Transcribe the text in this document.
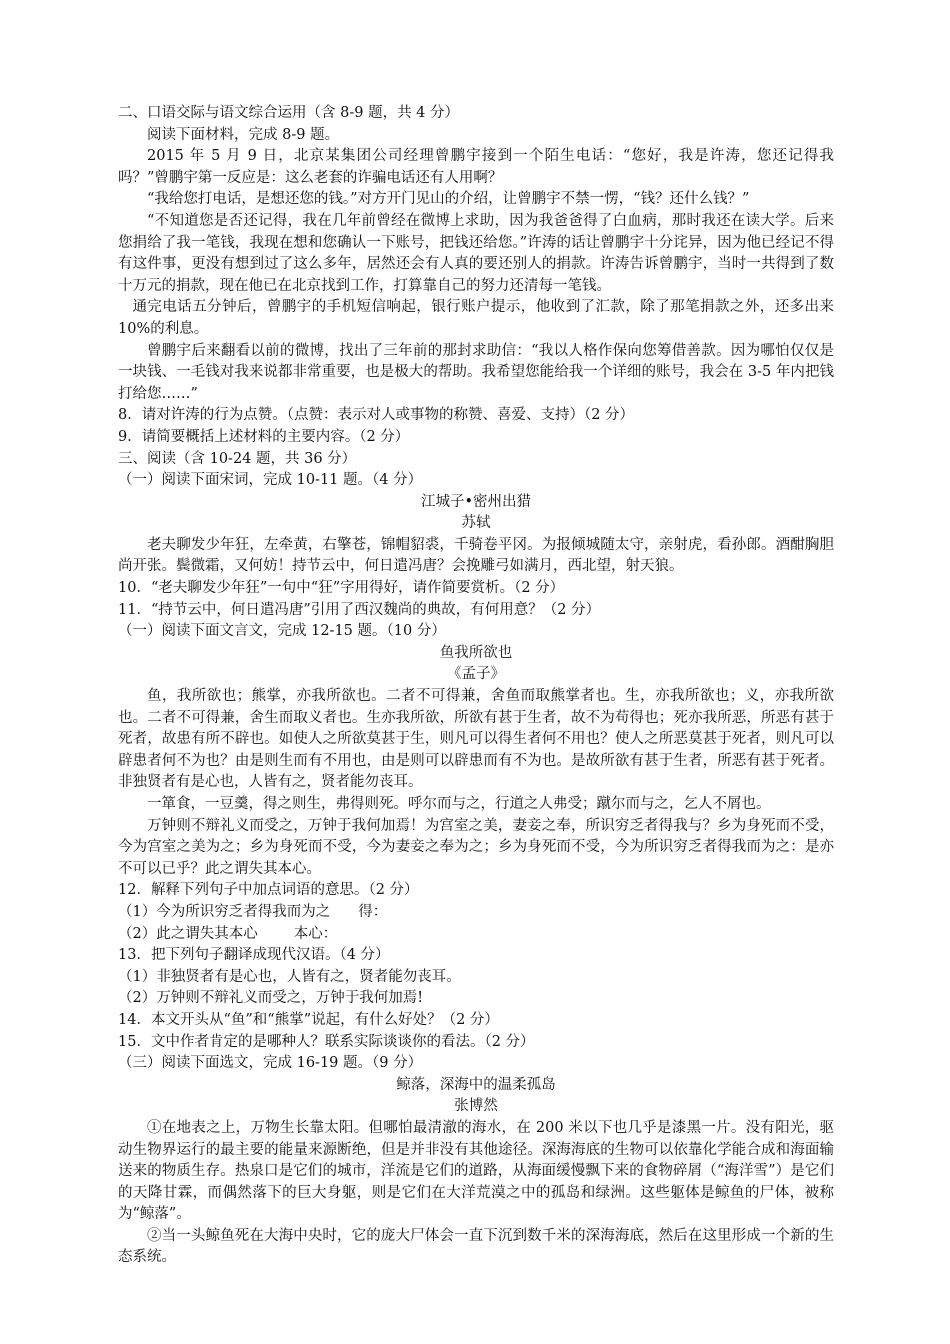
二、口语交际与语文综合运用（含 8-9 题，共 4 分）
阅读下面材料，完成 8-9 题。
2015 年 5 月 9 日，北京某集团公司经理曾鹏宇接到一个陌生电话：“您好，我是许涛，您还记得我吗？”曾鹏宇第一反应是：这么老套的诈骗电话还有人用啊？
“我给您打电话，是想还您的钱。”对方开门见山的介绍，让曾鹏宇不禁一愣，“钱？还什么钱？”
“不知道您是否还记得，我在几年前曾经在微博上求助，因为我爸爸得了白血病，那时我还在读大学。后来您捐给了我一笔钱，我现在想和您确认一下账号，把钱还给您。”许涛的话让曾鹏宇十分诧异，因为他已经记不得有这件事，更没有想到过了这么多年，居然还会有人真的要还别人的捐款。许涛告诉曾鹏宇，当时一共得到了数十万元的捐款，现在他已在北京找到工作，打算靠自己的努力还清每一笔钱。
通完电话五分钟后，曾鹏宇的手机短信响起，银行账户提示，他收到了汇款，除了那笔捐款之外，还多出来 10%的利息。
曾鹏宇后来翻看以前的微博，找出了三年前的那封求助信：“我以人格作保向您筹借善款。因为哪怕仅仅是一块钱、一毛钱对我来说都非常重要，也是极大的帮助。我希望您能给我一个详细的账号，我会在 3-5 年内把钱打给您……”
8．请对许涛的行为点赞。（点赞：表示对人或事物的称赞、喜爱、支持）（2 分）
9．请简要概括上述材料的主要内容。（2 分）
三、阅读（含 10-24 题，共 36 分）
（一）阅读下面宋词，完成 10-11 题。（4 分）
江城子•密州出猎
苏轼
老夫聊发少年狂，左牵黄，右擎苍，锦帽貂裘，千骑卷平冈。为报倾城随太守，亲射虎，看孙郎。酒酣胸胆尚开张。鬓微霜，又何妨！持节云中，何日遣冯唐？会挽雕弓如满月，西北望，射天狼。
10．“老夫聊发少年狂”一句中“狂”字用得好，请作简要赏析。（2 分）
11．“持节云中，何日遣冯唐”引用了西汉魏尚的典故，有何用意？（2 分）
（一）阅读下面文言文，完成 12-15 题。（10 分）
鱼我所欲也
《孟子》
鱼，我所欲也；熊掌，亦我所欲也。二者不可得兼，舍鱼而取熊掌者也。生，亦我所欲也；义，亦我所欲也。二者不可得兼，舍生而取义者也。生亦我所欲，所欲有甚于生者，故不为苟得也；死亦我所恶，所恶有甚于死者，故患有所不辟也。如使人之所欲莫甚于生，则凡可以得生者何不用也？使人之所恶莫甚于死者，则凡可以辟患者何不为也？由是则生而有不用也，由是则可以辟患而有不为也。是故所欲有甚于生者，所恶有甚于死者。非独贤者有是心也，人皆有之，贤者能勿丧耳。
一箪食，一豆羹，得之则生，弗得则死。呼尔而与之，行道之人弗受；蹴尔而与之，乞人不屑也。
万钟则不辩礼义而受之，万钟于我何加焉！为宫室之美，妻妾之奉，所识穷乏者得我与？乡为身死而不受，今为宫室之美为之；乡为身死而不受，今为妻妾之奉为之；乡为身死而不受，今为所识穷乏者得我而为之：是亦不可以已乎？此之谓失其本心。
12．解释下列句子中加点词语的意思。（2 分）
（1）今为所识穷乏者得我而为之 得：
（2）此之谓失其本心 本心：
13．把下列句子翻译成现代汉语。（4 分）
（1）非独贤者有是心也，人皆有之，贤者能勿丧耳。
（2）万钟则不辩礼义而受之，万钟于我何加焉!
14．本文开头从“鱼”和“熊掌”说起，有什么好处？（2 分）
15．文中作者肯定的是哪种人？联系实际谈谈你的看法。（2 分）
（三）阅读下面选文，完成 16-19 题。（9 分）
鲸落，深海中的温柔孤岛
张博然
①在地表之上，万物生长靠太阳。但哪怕最清澈的海水，在 200 米以下也几乎是漆黑一片。没有阳光，驱动生物界运行的最主要的能量来源断绝，但是并非没有其他途径。深海海底的生物可以依靠化学能合成和海面输送来的物质生存。热泉口是它们的城市，洋流是它们的道路，从海面缓慢飘下来的食物碎屑（“海洋雪”）是它们的天降甘霖，而偶然落下的巨大身躯，则是它们在大洋荒漠之中的孤岛和绿洲。这些躯体是鲸鱼的尸体，被称为“鲸落”。
②当一头鲸鱼死在大海中央时，它的庞大尸体会一直下沉到数千米的深海海底，然后在这里形成一个新的生态系统。
